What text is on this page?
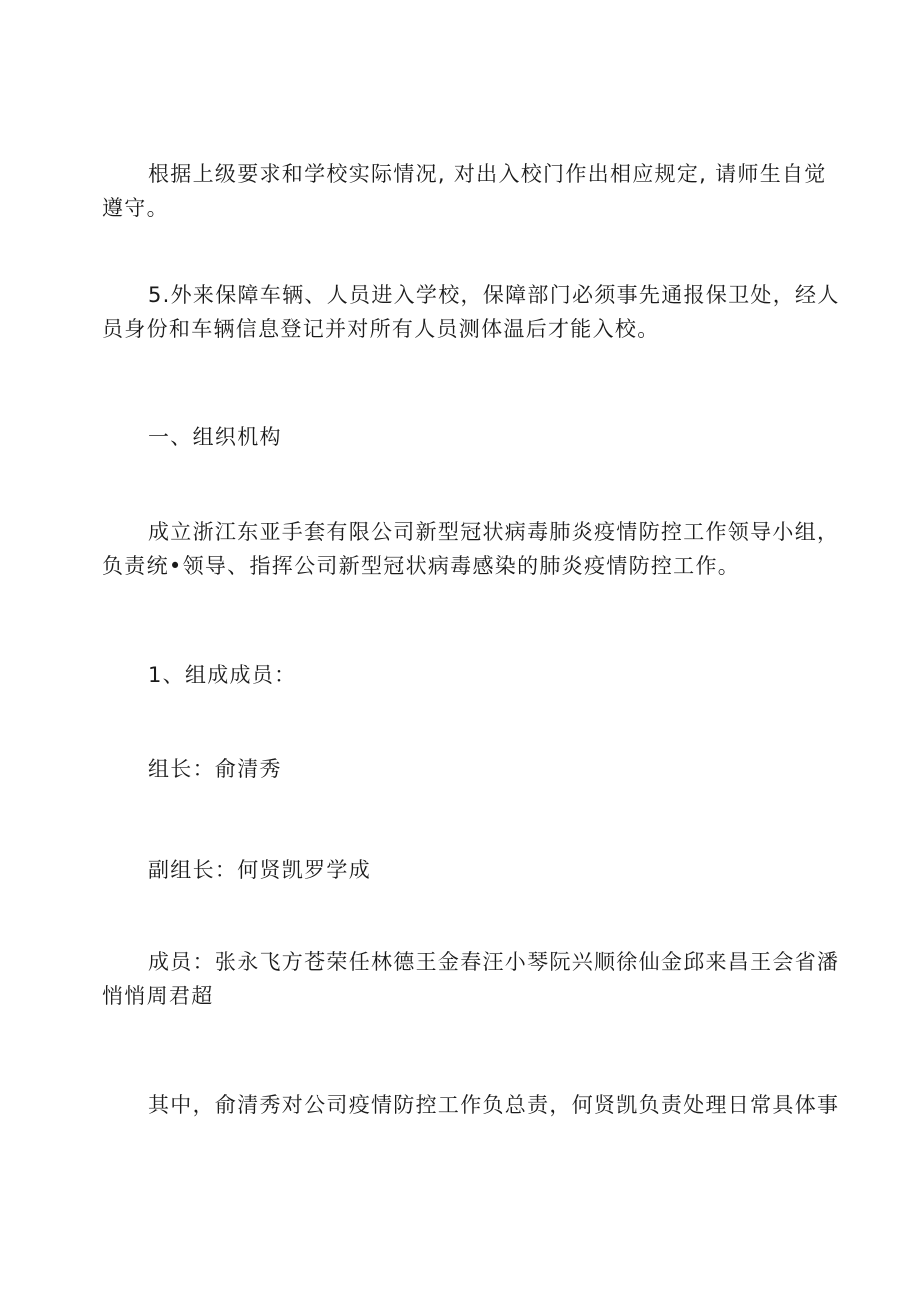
根据上级要求和学校实际情况, 对出入校门作出相应规定, 请师生自觉
遵守。

5.外来保障车辆、人员进入学校，保障部门必须事先通报保卫处，经人
员身份和车辆信息登记并对所有人员测体温后才能入校。

一、组织机构

成立浙江东亚手套有限公司新型冠状病毒肺炎疫情防控工作领导小组，
负责统•领导、指挥公司新型冠状病毒感染的肺炎疫情防控工作。

1、组成成员：

组长：俞清秀

副组长：何贤凯罗学成

成员：张永飞方苍荣任林德王金春汪小琴阮兴顺徐仙金邱来昌王会省潘
悄悄周君超

其中，俞清秀对公司疫情防控工作负总责，何贤凯负责处理日常具体事
